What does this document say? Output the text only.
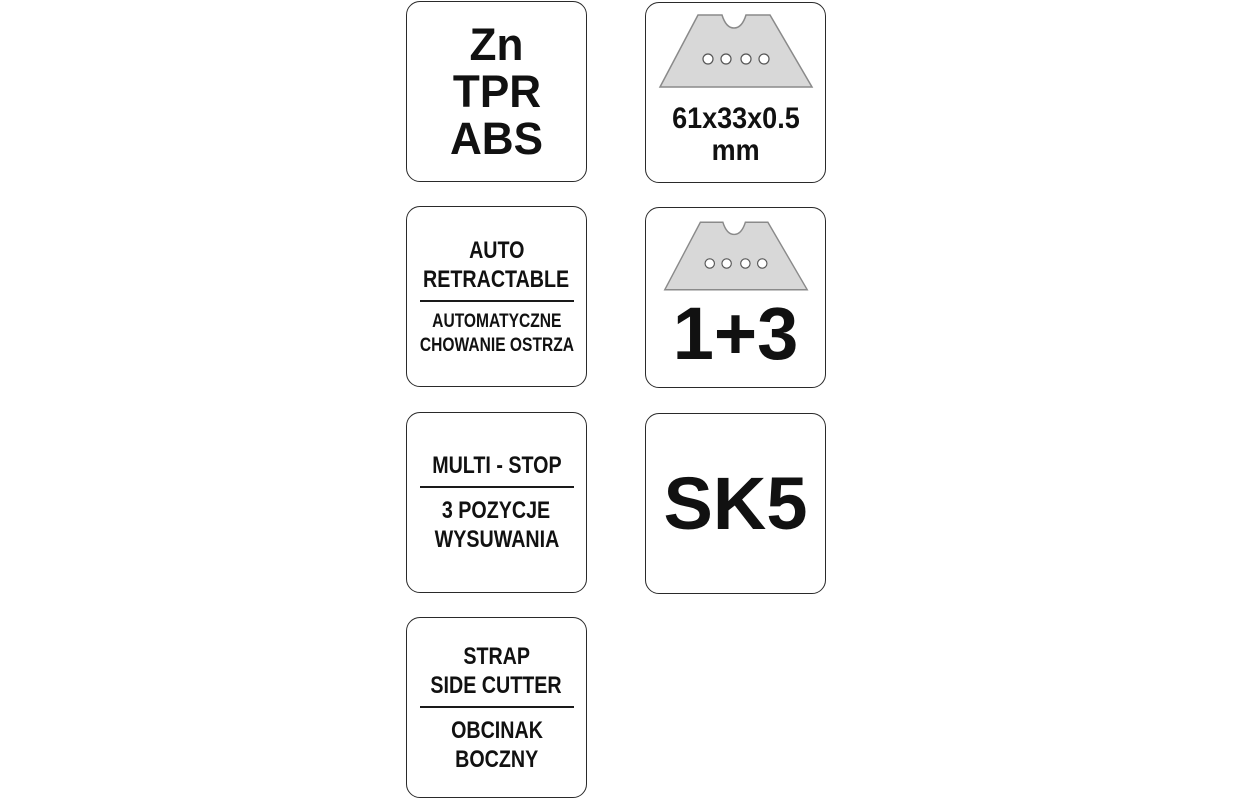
Zn
TPR
ABS	61x33x0.5
mm
AUTO
RETRACTABLE
AUTOMATYCZNE
CHOWANIE OSTRZA 1+3
MULTI - STOP
3 POZYCJE
WYSUWANIA SK5
STRAP
SIDE CUTTER
OBCINAK
BOCZNY
